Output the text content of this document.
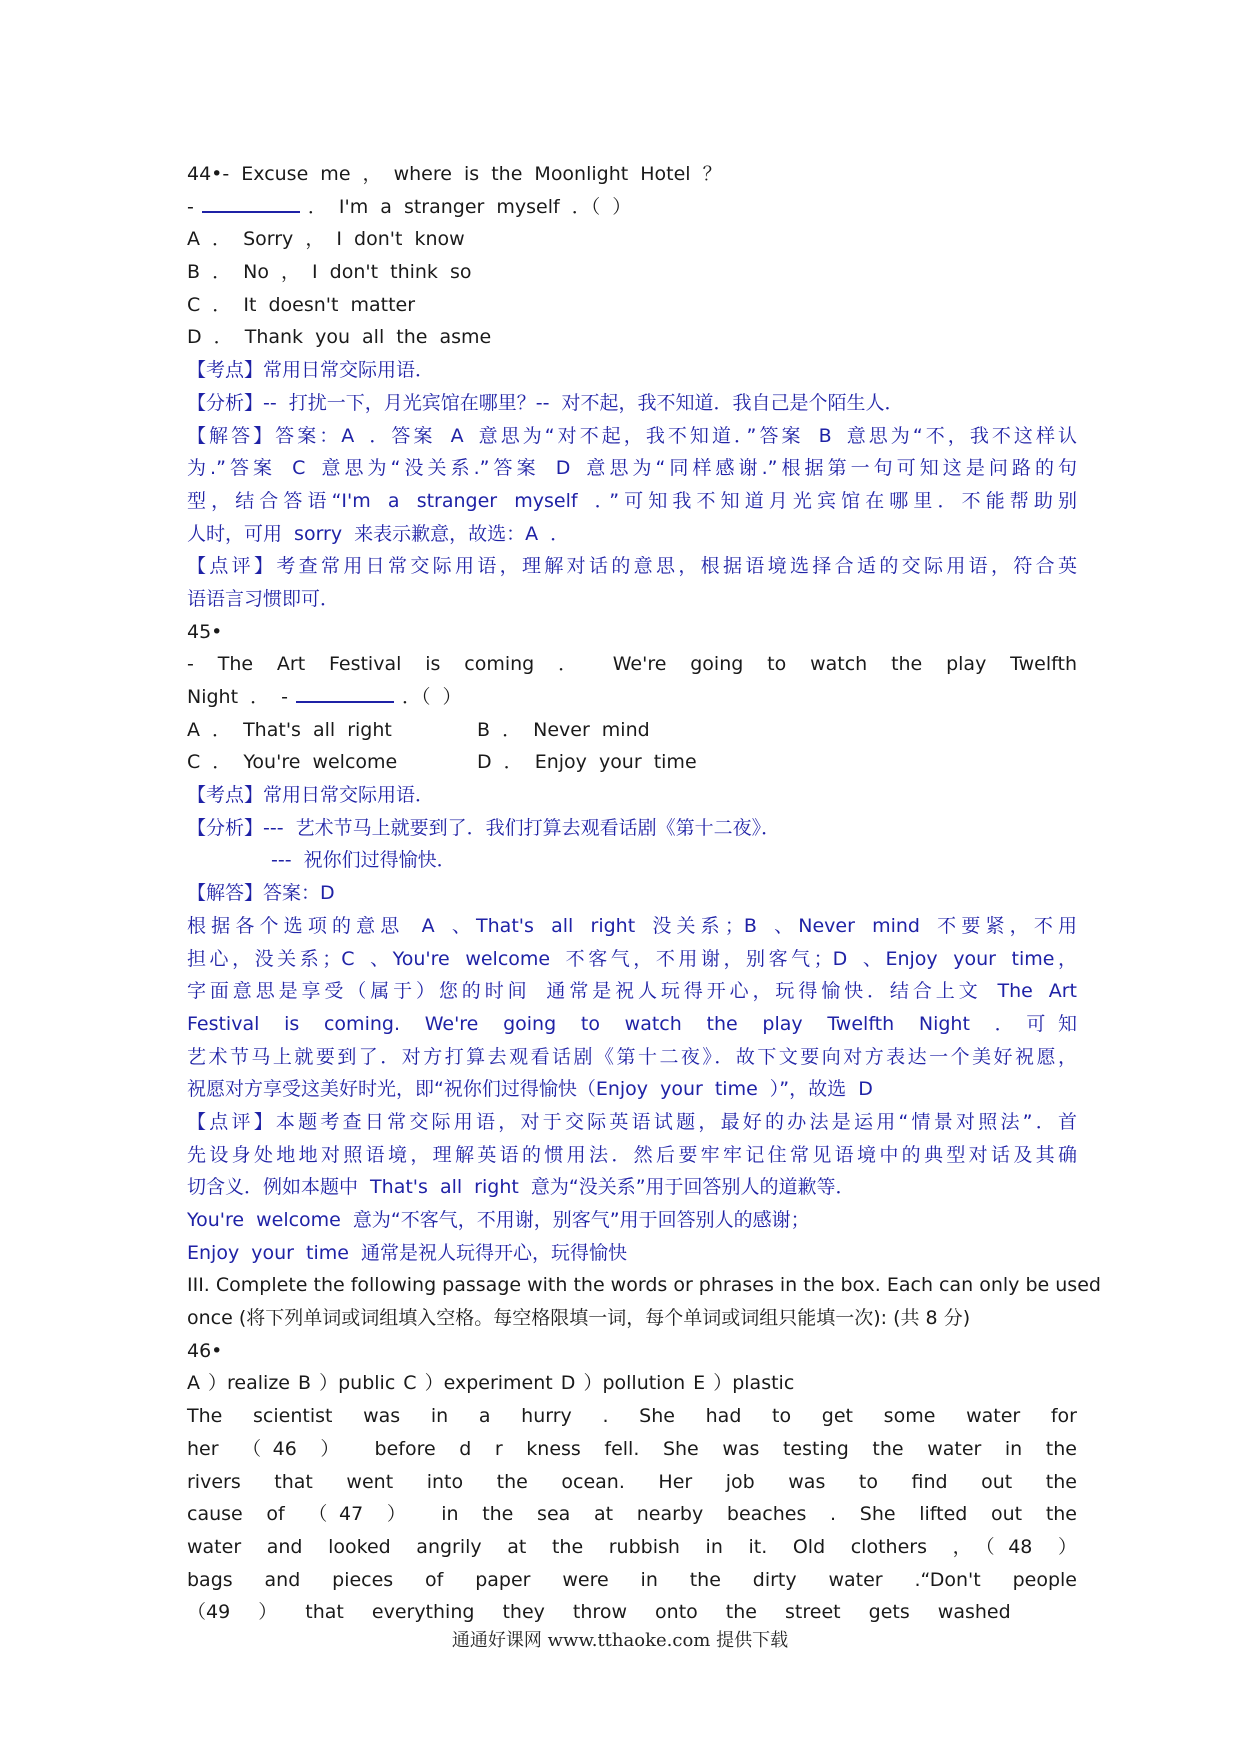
44•- Excuse me ， where is the Moonlight Hotel ？
-	． I'm a stranger myself ．（ ）
A ． Sorry ， I don't know
B ． No ， I don't think so
C ． It doesn't matter
D ． Thank you all the asme
【考点】常用日常交际用语．
【分析】-- 打扰一下，月光宾馆在哪里？-- 对不起，我不知道．我自己是个陌生人．
【解答】答案：A ．答案 A 意思为“对不起，我不知道．”答案 B 意思为“不，我不这样认
为.”答案 C 意思为“没关系.”答案 D 意思为“同样感谢.”根据第一句可知这是问路的句
型，结合答语“I'm a stranger myself ．”可知我不知道月光宾馆在哪里．不能帮助别
人时，可用 sorry 来表示歉意，故选：A ．
【点评】考查常用日常交际用语，理解对话的意思，根据语境选择合适的交际用语，符合英
语语言习惯即可．
45•
- The Art Festival is coming ． We're going to watch the play Twelfth
Night ． -	．（ ）
A ． That's all right	B ． Never mind
C ． You're welcome	D ． Enjoy your time
【考点】常用日常交际用语．
【分析】--- 艺术节马上就要到了．我们打算去观看话剧《第十二夜》．
--- 祝你们过得愉快．
【解答】答案：D
根据各个选项的意思 A 、That's all right 没关系；B 、Never mind 不要紧，不用
担心，没关系；C 、You're welcome 不客气，不用谢，别客气；D 、Enjoy your time，
字面意思是享受（属于）您的时间 通常是祝人玩得开心，玩得愉快．结合上文 The Art
Festival is coming. We're going to watch the play Twelfth Night ．可知
艺术节马上就要到了．对方打算去观看话剧《第十二夜》．故下文要向对方表达一个美好祝愿，
祝愿对方享受这美好时光，即“祝你们过得愉快（Enjoy your time ）”，故选 D
【点评】本题考查日常交际用语，对于交际英语试题，最好的办法是运用“情景对照法”．首
先设身处地地对照语境，理解英语的惯用法．然后要牢牢记住常见语境中的典型对话及其确
切含义．例如本题中 That's all right 意为“没关系”用于回答别人的道歉等．
You're welcome 意为“不客气，不用谢，别客气”用于回答别人的感谢；
Enjoy your time 通常是祝人玩得开心，玩得愉快
III. Complete the following passage with the words or phrases in the box. Each can only be used
once (将下列单词或词组填入空格。每空格限填一词，每个单词或词组只能填一次): (共 8 分)
46•
A ）realize B ）public C ）experiment D ）pollution E ）plastic
The scientist was in a hurry . She had to get some water for
her （46 ） before d r kness fell. She was testing the water in the
rivers that went into the ocean. Her job was to find out the
cause of （47 ） in the sea at nearby beaches . She lifted out the
water and looked angrily at the rubbish in it. Old clothers ，（48 ）
bags and pieces of paper were in the dirty water .“Don't people
（49 ） that everything they throw onto the street gets washed
通通好课网 www.tthaoke.com 提供下载
